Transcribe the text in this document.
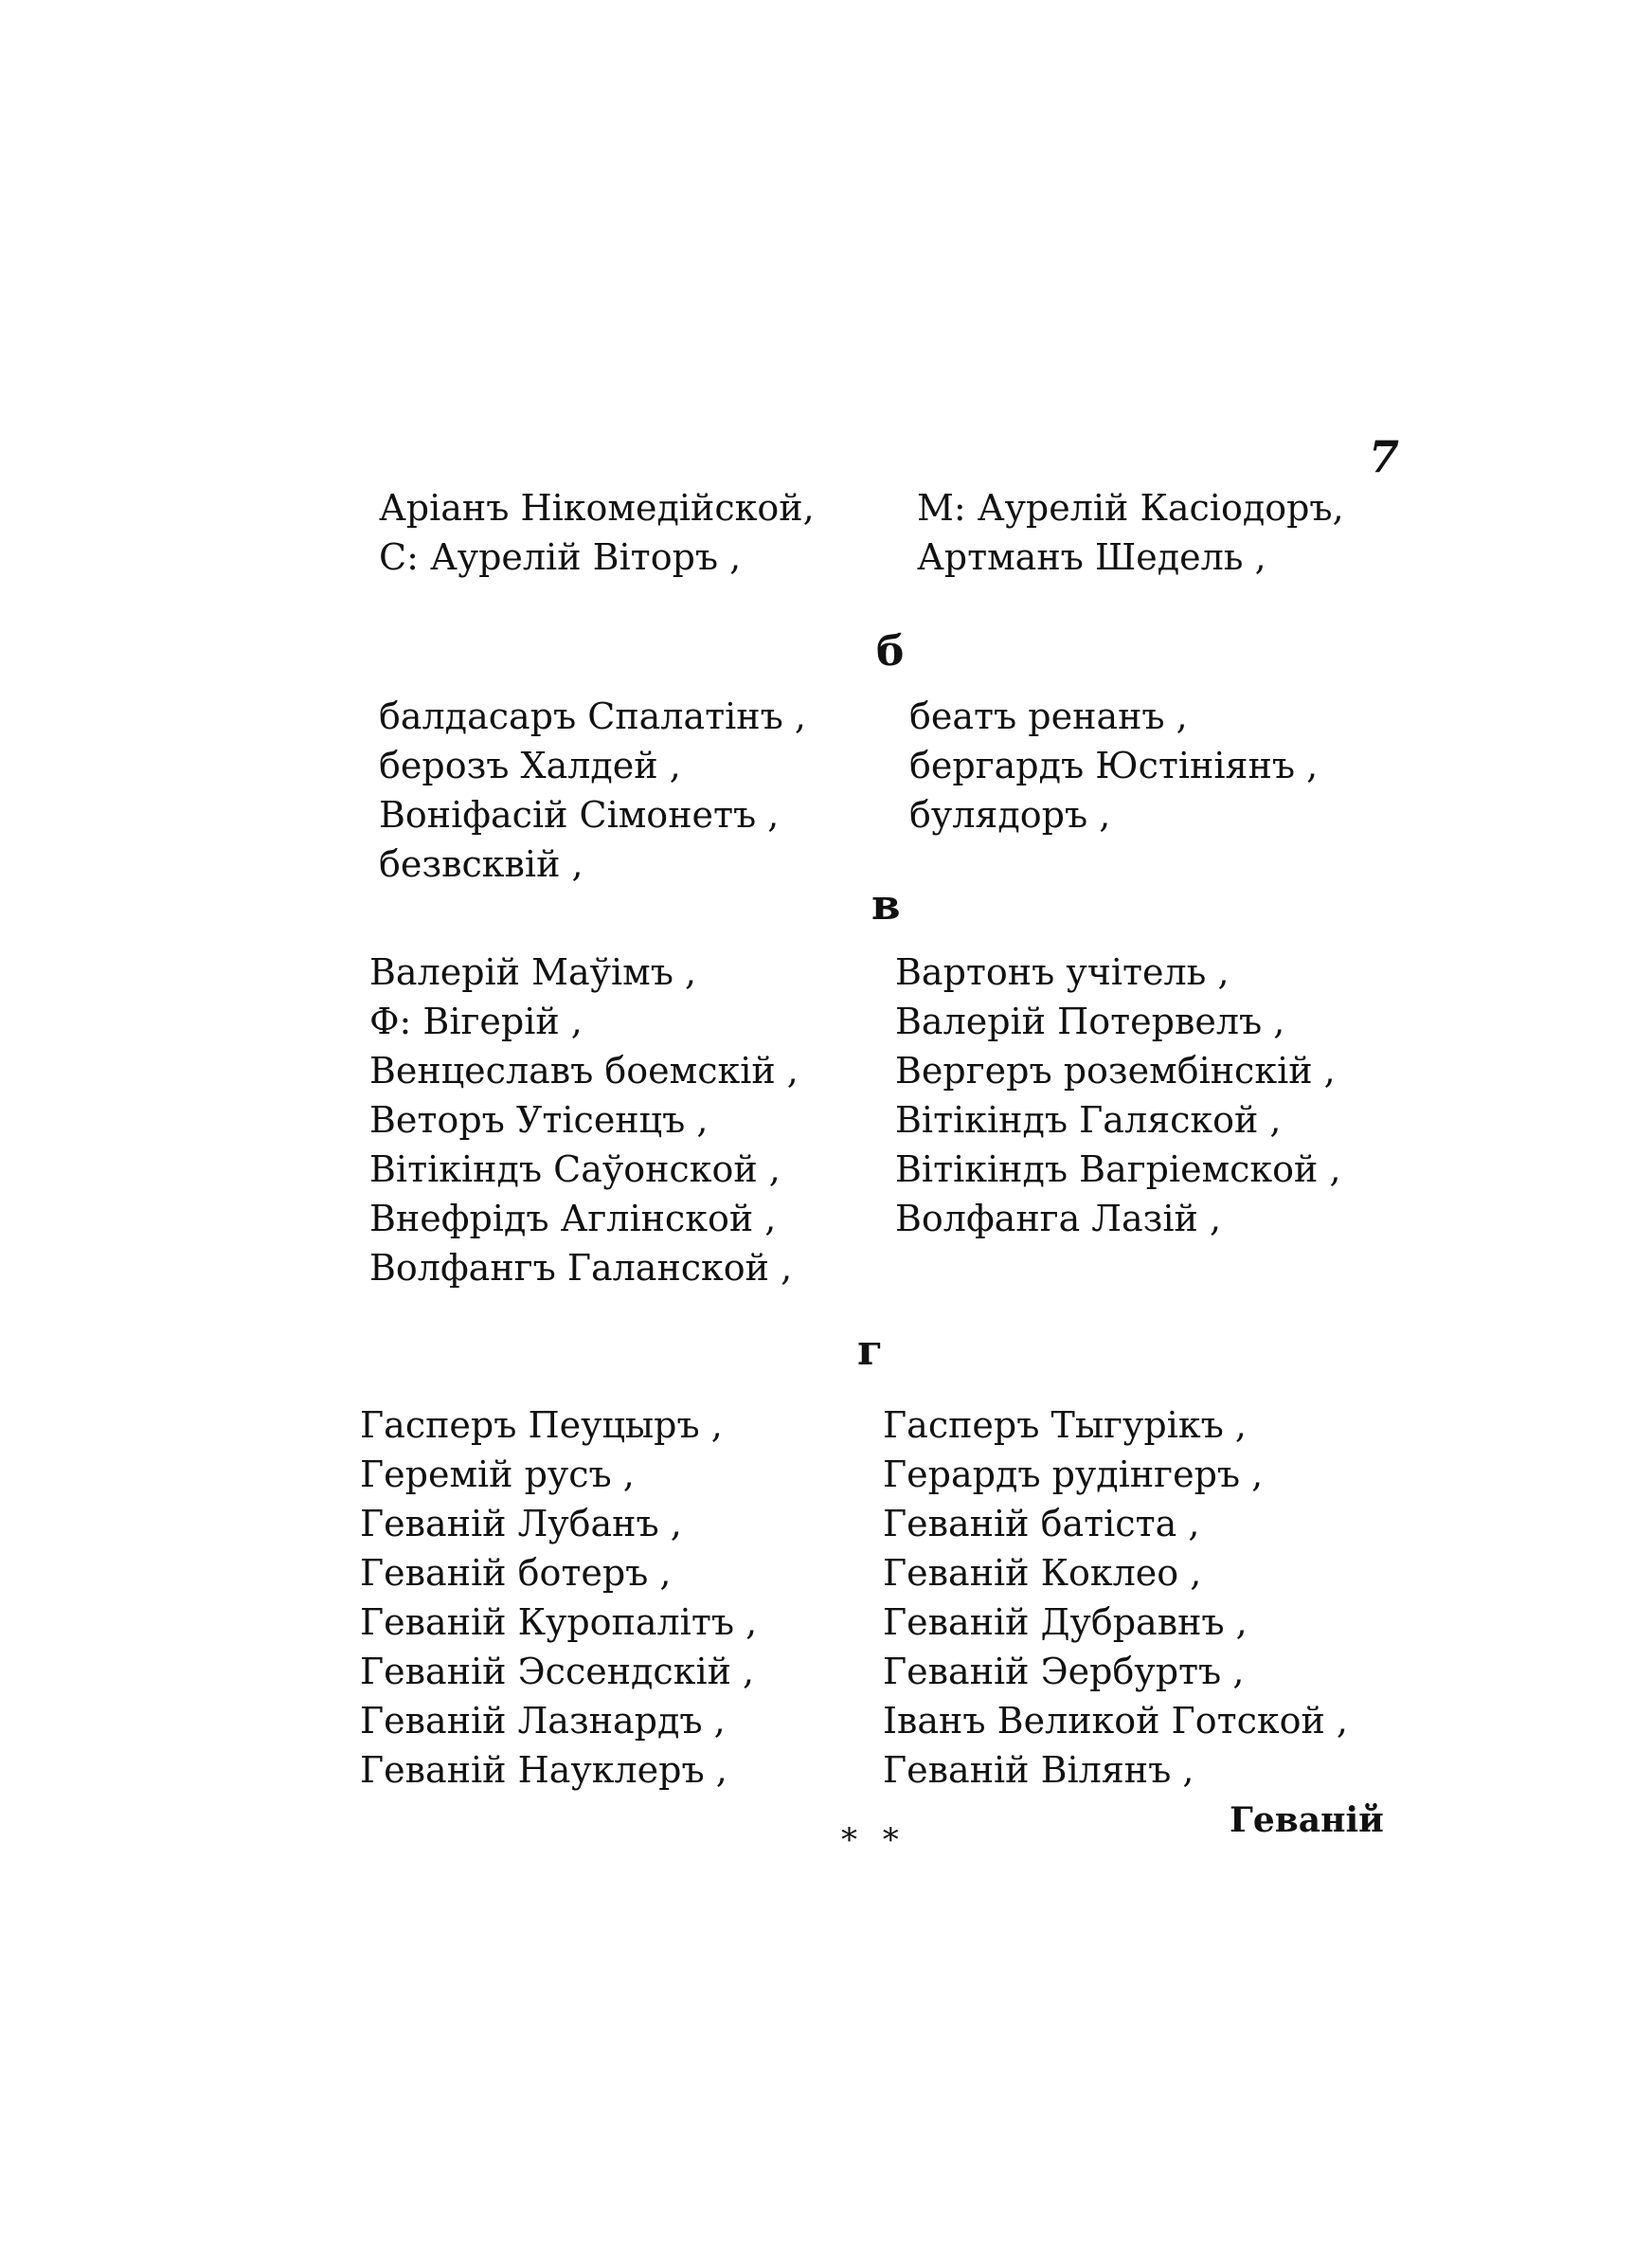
7
Аріанъ Нікомедійской,
С: Аурелій Віторъ ,
М: Аурелій Касіодоръ,
Артманъ Шедель ,
б
балдасаръ Спалатінъ ,
берозъ Халдей ,
Воніфасій Сімонетъ ,
безвсквій ,
беатъ ренанъ ,
бергардъ Юстініянъ ,
булядоръ ,
в
Валерій Маўімъ ,
Ф: Вігерій ,
Венцеславъ боемскій ,
Веторъ Утісенцъ ,
Вітікіндъ Саўонской ,
Внефрідъ Аглінской ,
Волфангъ Галанской ,
Вартонъ учітель ,
Валерій Потервелъ ,
Вергеръ розембінскій ,
Вітікіндъ Галяской ,
Вітікіндъ Вагріемской ,
Волфанга Лазій ,
г
Гасперъ Пеуцыръ ,
Геремій русъ ,
Геваній Лубанъ ,
Геваній ботеръ ,
Геваній Куропалітъ ,
Геваній Эссендскій ,
Геваній Лазнардъ ,
Геваній Науклеръ ,
Гасперъ Тыгурікъ ,
Герардъ рудінгеръ ,
Геваній батіста ,
Геваній Коклео ,
Геваній Дубравнъ ,
Геваній Эербуртъ ,
Іванъ Великой Готской ,
Геваній Вілянъ ,
Геваній
* *
